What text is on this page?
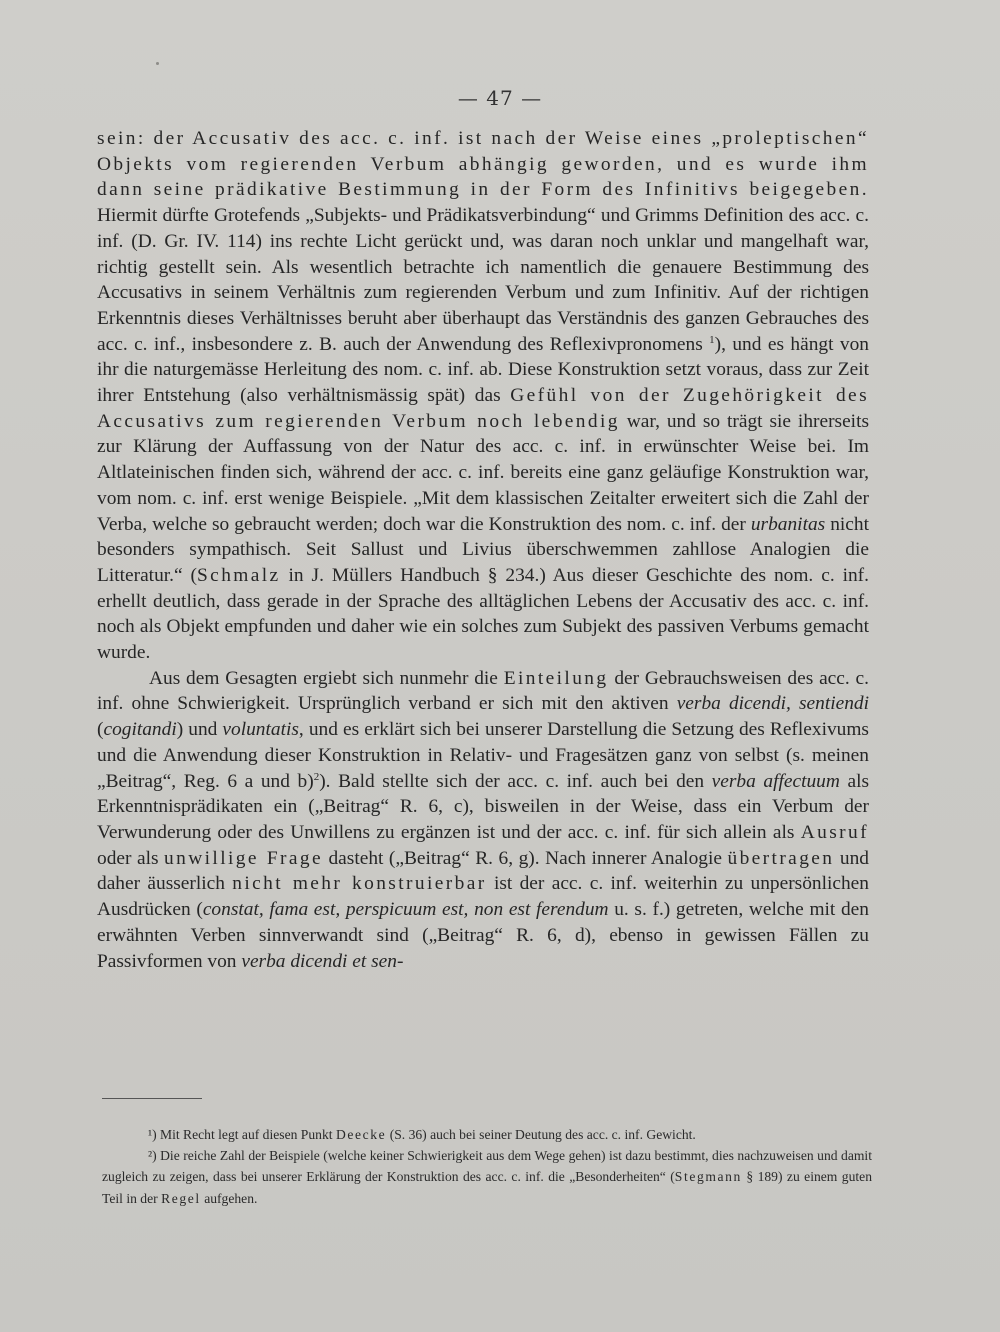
— 47 —

sein: der Accusativ des acc. c. inf. ist nach der Weise eines „proleptischen“ Objekts vom regierenden Verbum abhängig geworden, und es wurde ihm dann seine prädikative Bestimmung in der Form des Infinitivs beigegeben. Hiermit dürfte Grotefends „Subjekts- und Prädikatsverbindung“ und Grimms Definition des acc. c. inf. (D. Gr. IV. 114) ins rechte Licht gerückt und, was daran noch unklar und mangelhaft war, richtig gestellt sein. Als wesentlich betrachte ich namentlich die genauere Bestimmung des Accusativs in seinem Verhältnis zum regierenden Verbum und zum Infinitiv. Auf der richtigen Erkenntnis dieses Verhältnisses beruht aber überhaupt das Verständnis des ganzen Gebrauches des acc. c. inf., insbesondere z. B. auch der Anwendung des Reflexivpronomens $^1$), und es hängt von ihr die naturgemässe Herleitung des nom. c. inf. ab. Diese Konstruktion setzt voraus, dass zur Zeit ihrer Entstehung (also verhältnismässig spät) das Gefühl von der Zugehörigkeit des Accusativs zum regierenden Verbum noch lebendig war, und so trägt sie ihrerseits zur Klärung der Auffassung von der Natur des acc. c. inf. in erwünschter Weise bei. Im Altlateinischen finden sich, während der acc. c. inf. bereits eine ganz geläufige Konstruktion war, vom nom. c. inf. erst wenige Beispiele. „Mit dem klassischen Zeitalter erweitert sich die Zahl der Verba, welche so gebraucht werden; doch war die Konstruktion des nom. c. inf. der urbanitas nicht besonders sympathisch. Seit Sallust und Livius überschwemmen zahllose Analogien die Litteratur.“ (Schmalz in J. Müllers Handbuch § 234.) Aus dieser Geschichte des nom. c. inf. erhellt deutlich, dass gerade in der Sprache des alltäglichen Lebens der Accusativ des acc. c. inf. noch als Objekt empfunden und daher wie ein solches zum Subjekt des passiven Verbums gemacht wurde.

Aus dem Gesagten ergiebt sich nunmehr die Einteilung der Gebrauchsweisen des acc. c. inf. ohne Schwierigkeit. Ursprünglich verband er sich mit den aktiven verba dicendi, sentiendi (cogitandi) und voluntatis, und es erklärt sich bei unserer Darstellung die Setzung des Reflexivums und die Anwendung dieser Konstruktion in Relativ- und Fragesätzen ganz von selbst (s. meinen „Beitrag“, Reg. 6 a und b)$^2$). Bald stellte sich der acc. c. inf. auch bei den verba affectuum als Erkenntnisprädikaten ein („Beitrag“ R. 6, c), bisweilen in der Weise, dass ein Verbum der Verwunderung oder des Unwillens zu ergänzen ist und der acc. c. inf. für sich allein als Ausruf oder als unwillige Frage dasteht („Beitrag“ R. 6, g). Nach innerer Analogie übertragen und daher äusserlich nicht mehr konstruierbar ist der acc. c. inf. weiterhin zu unpersönlichen Ausdrücken (constat, fama est, perspicuum est, non est ferendum u. s. f.) getreten, welche mit den erwähnten Verben sinnverwandt sind („Beitrag“ R. 6, d), ebenso in gewissen Fällen zu Passivformen von verba dicendi et sen-

¹) Mit Recht legt auf diesen Punkt Deecke (S. 36) auch bei seiner Deutung des acc. c. inf. Gewicht.

²) Die reiche Zahl der Beispiele (welche keiner Schwierigkeit aus dem Wege gehen) ist dazu bestimmt, dies nachzuweisen und damit zugleich zu zeigen, dass bei unserer Erklärung der Konstruktion des acc. c. inf. die „Besonderheiten“ (Stegmann § 189) zu einem guten Teil in der Regel aufgehen.
